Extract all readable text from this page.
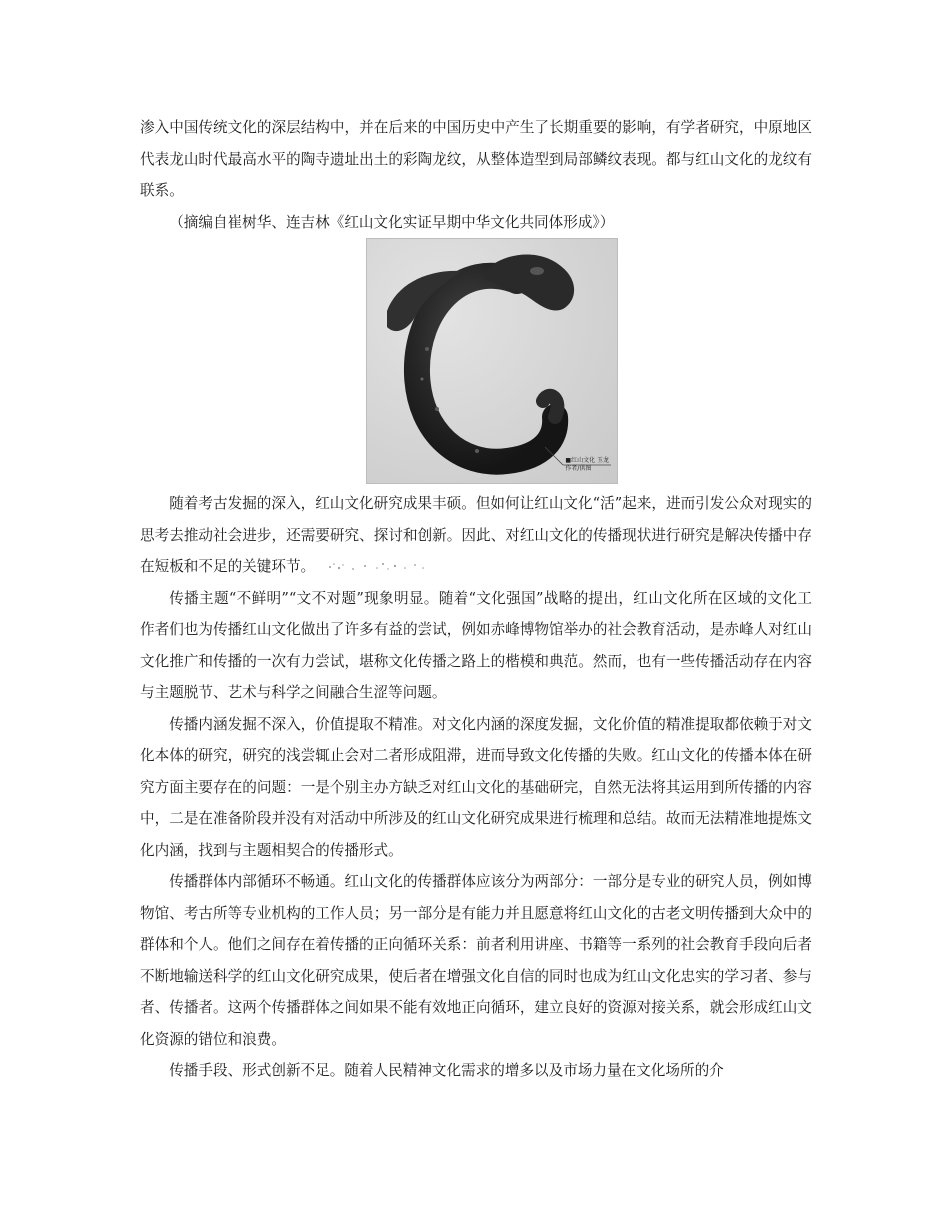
渗入中国传统文化的深层结构中，并在后来的中国历史中产生了长期重要的影响，有学者研究，中原地区代表龙山时代最高水平的陶寺遗址出土的彩陶龙纹，从整体造型到局部鳞纹表现。都与红山文化的龙纹有联系。

（摘编自崔树华、连吉林《红山文化实证早期中华文化共同体形成》）

■红山文化 玉龙
作者/供图

随着考古发掘的深入，红山文化研究成果丰硕。但如何让红山文化“活”起来，进而引发公众对现实的思考去推动社会进步，还需要研究、探讨和创新。因此、对红山文化的传播现状进行研究是解决传播中存在短板和不足的关键环节。

传播主题“不鲜明”“文不对题”现象明显。随着“文化强国”战略的提出，红山文化所在区域的文化工作者们也为传播红山文化做出了许多有益的尝试，例如赤峰博物馆举办的社会教育活动，是赤峰人对红山文化推广和传播的一次有力尝试，堪称文化传播之路上的楷模和典范。然而，也有一些传播活动存在内容与主题脱节、艺术与科学之间融合生涩等问题。

传播内涵发掘不深入，价值提取不精准。对文化内涵的深度发掘，文化价值的精准提取都依赖于对文化本体的研究，研究的浅尝辄止会对二者形成阻滞，进而导致文化传播的失败。红山文化的传播本体在研究方面主要存在的问题：一是个别主办方缺乏对红山文化的基础研完，自然无法将其运用到所传播的内容中，二是在准备阶段并没有对活动中所涉及的红山文化研究成果进行梳理和总结。故而无法精准地提炼文化内涵，找到与主题相契合的传播形式。

传播群体内部循环不畅通。红山文化的传播群体应该分为两部分：一部分是专业的研究人员，例如博物馆、考古所等专业机构的工作人员；另一部分是有能力并且愿意将红山文化的古老文明传播到大众中的群体和个人。他们之间存在着传播的正向循环关系：前者利用讲座、书籍等一系列的社会教育手段向后者不断地输送科学的红山文化研究成果，使后者在增强文化自信的同时也成为红山文化忠实的学习者、参与者、传播者。这两个传播群体之间如果不能有效地正向循环，建立良好的资源对接关系，就会形成红山文化资源的错位和浪费。

传播手段、形式创新不足。随着人民精神文化需求的增多以及市场力量在文化场所的介
